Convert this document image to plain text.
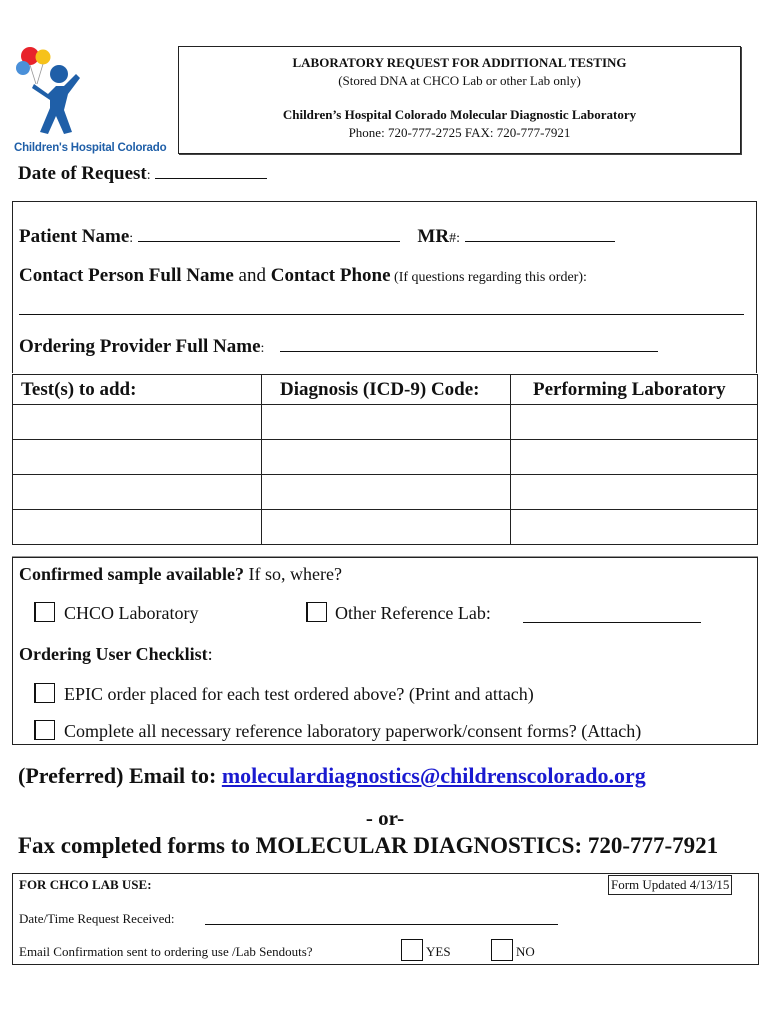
Children's Hospital Colorado
LABORATORY REQUEST FOR ADDITIONAL TESTING
(Stored DNA at CHCO Lab or other Lab only)
Children’s Hospital Colorado Molecular Diagnostic Laboratory
Phone: 720-777-2725 FAX: 720-777-7921
Date of Request:
Patient Name:	MR#:
Contact Person Full Name and Contact Phone (If questions regarding this order):
Ordering Provider Full Name:
Test(s) to add:	Diagnosis (ICD-9) Code:	Performing Laboratory

Confirmed sample available? If so, where?
CHCO Laboratory	Other Reference Lab:
Ordering User Checklist:
EPIC order placed for each test ordered above? (Print and attach)
Complete all necessary reference laboratory paperwork/consent forms? (Attach)
(Preferred) Email to: moleculardiagnostics@childrenscolorado.org
- or-
Fax completed forms to MOLECULAR DIAGNOSTICS: 720-777-7921
FOR CHCO LAB USE:	Form Updated 4/13/15
Date/Time Request Received:
Email Confirmation sent to ordering use /Lab Sendouts?	YES	NO
